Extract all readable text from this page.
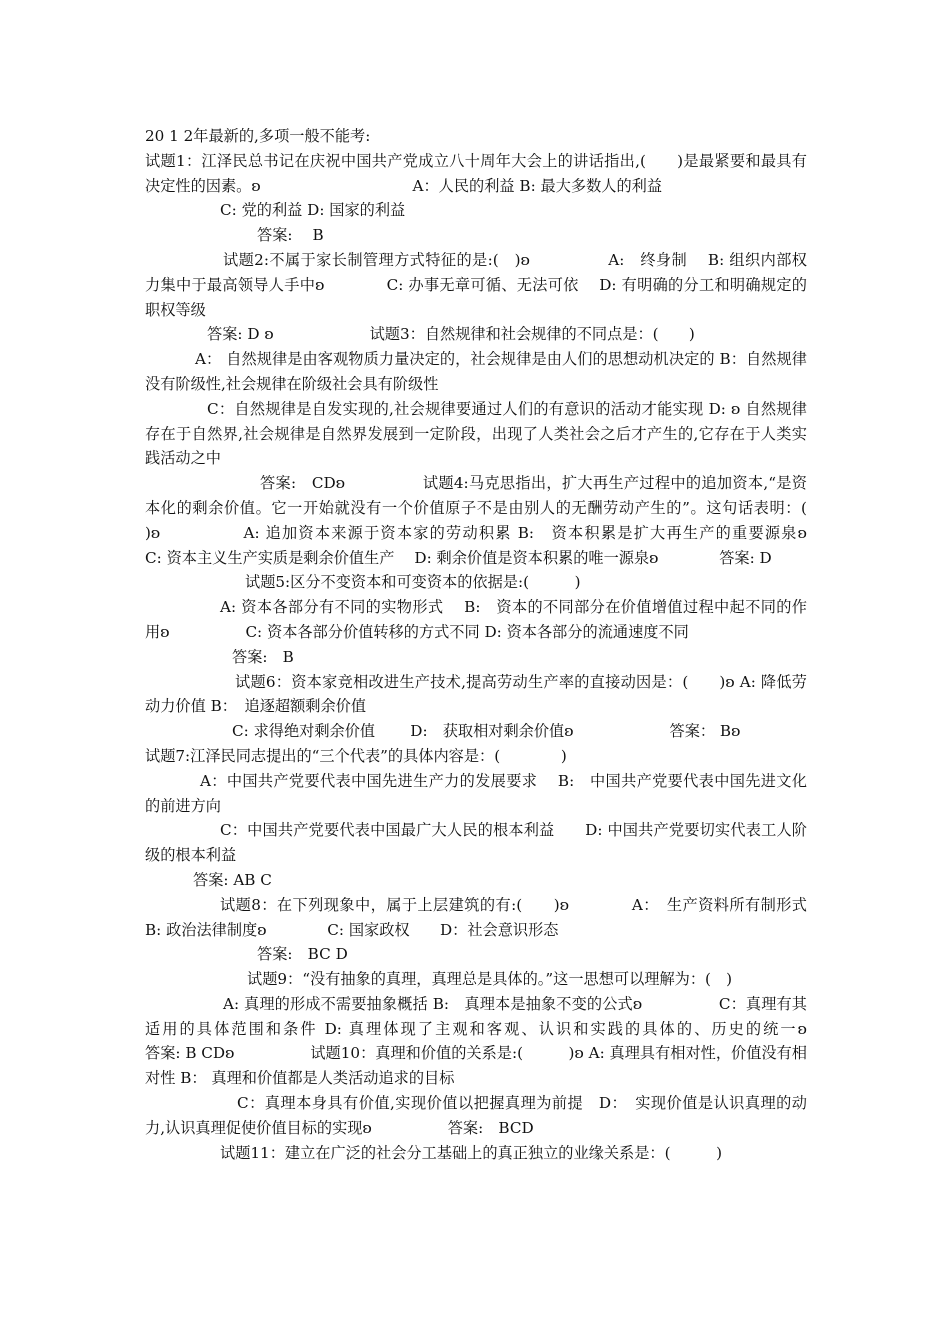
20 1 2年最新的,多项一般不能考:

试题1：江泽民总书记在庆祝中国共产党成立八十周年大会上的讲话指出,(　　)是最紧要和最具有决定性的因素。ʚ　　　　　　　　　　A：人民的利益 B: 最大多数人的利益

C: 党的利益 D: 国家的利益

答案:　 B

试题2:不属于家长制管理方式特征的是:(　)ʚ　　　　　A:　终身制　 B: 组织内部权力集中于最高领导人手中ʚ　　　　C: 办事无章可循、无法可依　 D: 有明确的分工和明确规定的职权等级

答案: D ʚ　　　　　　 试题3：自然规律和社会规律的不同点是：(　　)

A： 自然规律是由客观物质力量决定的，社会规律是由人们的思想动机决定的 B：自然规律没有阶级性,社会规律在阶级社会具有阶级性

C：自然规律是自发实现的,社会规律要通过人们的有意识的活动才能实现 D: ʚ 自然规律存在于自然界,社会规律是自然界发展到一定阶段，出现了人类社会之后才产生的,它存在于人类实践活动之中

答案:　CDʚ　　　　　试题4:马克思指出，扩大再生产过程中的追加资本,“是资本化的剩余价值。它一开始就没有一个价值原子不是由别人的无酬劳动产生的”。这句话表明：(　　)ʚ　　　　　A: 追加资本来源于资本家的劳动积累 B:　资本积累是扩大再生产的重要源泉ʚ　　　　C: 资本主义生产实质是剩余价值生产　 D: 剩余价值是资本积累的唯一源泉ʚ　　　　答案: D

试题5:区分不变资本和可变资本的依据是:(　　　)

A: 资本各部分有不同的实物形式　 B:　资本的不同部分在价值增值过程中起不同的作用ʚ　　　　　C: 资本各部分价值转移的方式不同 D: 资本各部分的流通速度不同

答案:　B

试题6：资本家竞相改进生产技术,提高劳动生产率的直接动因是：(　　)ʚ A: 降低劳动力价值 B：　追逐超额剩余价值

C: 求得绝对剩余价值　　 D:　获取相对剩余价值ʚ　　　　　　 答案： Bʚ

试题7:江泽民同志提出的“三个代表”的具体内容是：(　　　　)

A：中国共产党要代表中国先进生产力的发展要求　 B:　中国共产党要代表中国先进文化的前进方向

C：中国共产党要代表中国最广大人民的根本利益　　D: 中国共产党要切实代表工人阶级的根本利益

答案: AB C

试题8：在下列现象中，属于上层建筑的有:(　　)ʚ　　　　A：　生产资料所有制形式　B: 政治法律制度ʚ　　　　C: 国家政权　　D：社会意识形态

答案:　BC D

试题9：“没有抽象的真理，真理总是具体的。”这一思想可以理解为：(　)

A: 真理的形成不需要抽象概括 B:　真理本是抽象不变的公式ʚ　　　　　C：真理有其适用的具体范围和条件 D: 真理体现了主观和客观、认识和实践的具体的、历史的统一ʚ　　　　　答案: B CDʚ　　　　　试题10：真理和价值的关系是:(　　　)ʚ A: 真理具有相对性，价值没有相对性 B： 真理和价值都是人类活动追求的目标

C：真理本身具有价值,实现价值以把握真理为前提　D：　实现价值是认识真理的动力,认识真理促使价值目标的实现ʚ　　　　　答案:　BCD

试题11：建立在广泛的社会分工基础上的真正独立的业缘关系是：(　　　)
